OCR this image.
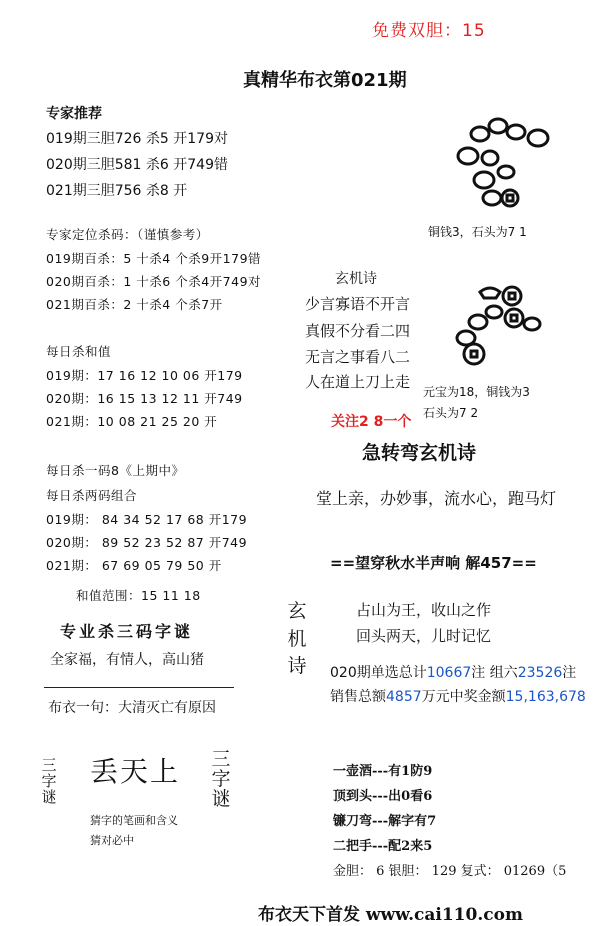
免费双胆：15
真精华布衣第021期
专家推荐
019期三胆726 杀5 开179对
020期三胆581 杀6 开749错
021期三胆756 杀8 开
专家定位杀码：（谨慎参考）
019期百杀：5 十杀4 个杀9开179错
020期百杀：1 十杀6 个杀4开749对
021期百杀：2 十杀4 个杀7开
每日杀和值
019期：17 16 12 10 06 开179
020期：16 15 13 12 11 开749
021期：10 08 21 25 20 开
每日杀一码8《上期中》
每日杀两码组合
019期： 84 34 52 17 68 开179
020期： 89 52 23 52 87 开749
021期： 67 69 05 79 50 开
和值范围：15 11 18
专业杀三码字谜
全家福，有情人，高山猪
布衣一句：大清灭亡有原因
三字谜
丢天上 三字谜
猜字的笔画和含义
猜对必中
铜钱3，石头为7 1
元宝为18，铜钱为3
石头为7 2
玄机诗
少言寡语不开言
真假不分看二四
无言之事看八二
人在道上刀上走
关注2 8一个
急转弯玄机诗
堂上亲，办妙事，流水心，跑马灯
==望穿秋水半声响 解457==
玄机诗
占山为王，收山之作
回头两天，儿时记忆
020期单选总计10667注 组六23526注
销售总额4857万元中奖金额15,163,678
一壶酒---有1防9
顶到头---出0看6
镰刀弯---解字有7
二把手---配2来5
金胆： 6 银胆： 129 复式： 01269（5
布衣天下首发 www.cai110.com
